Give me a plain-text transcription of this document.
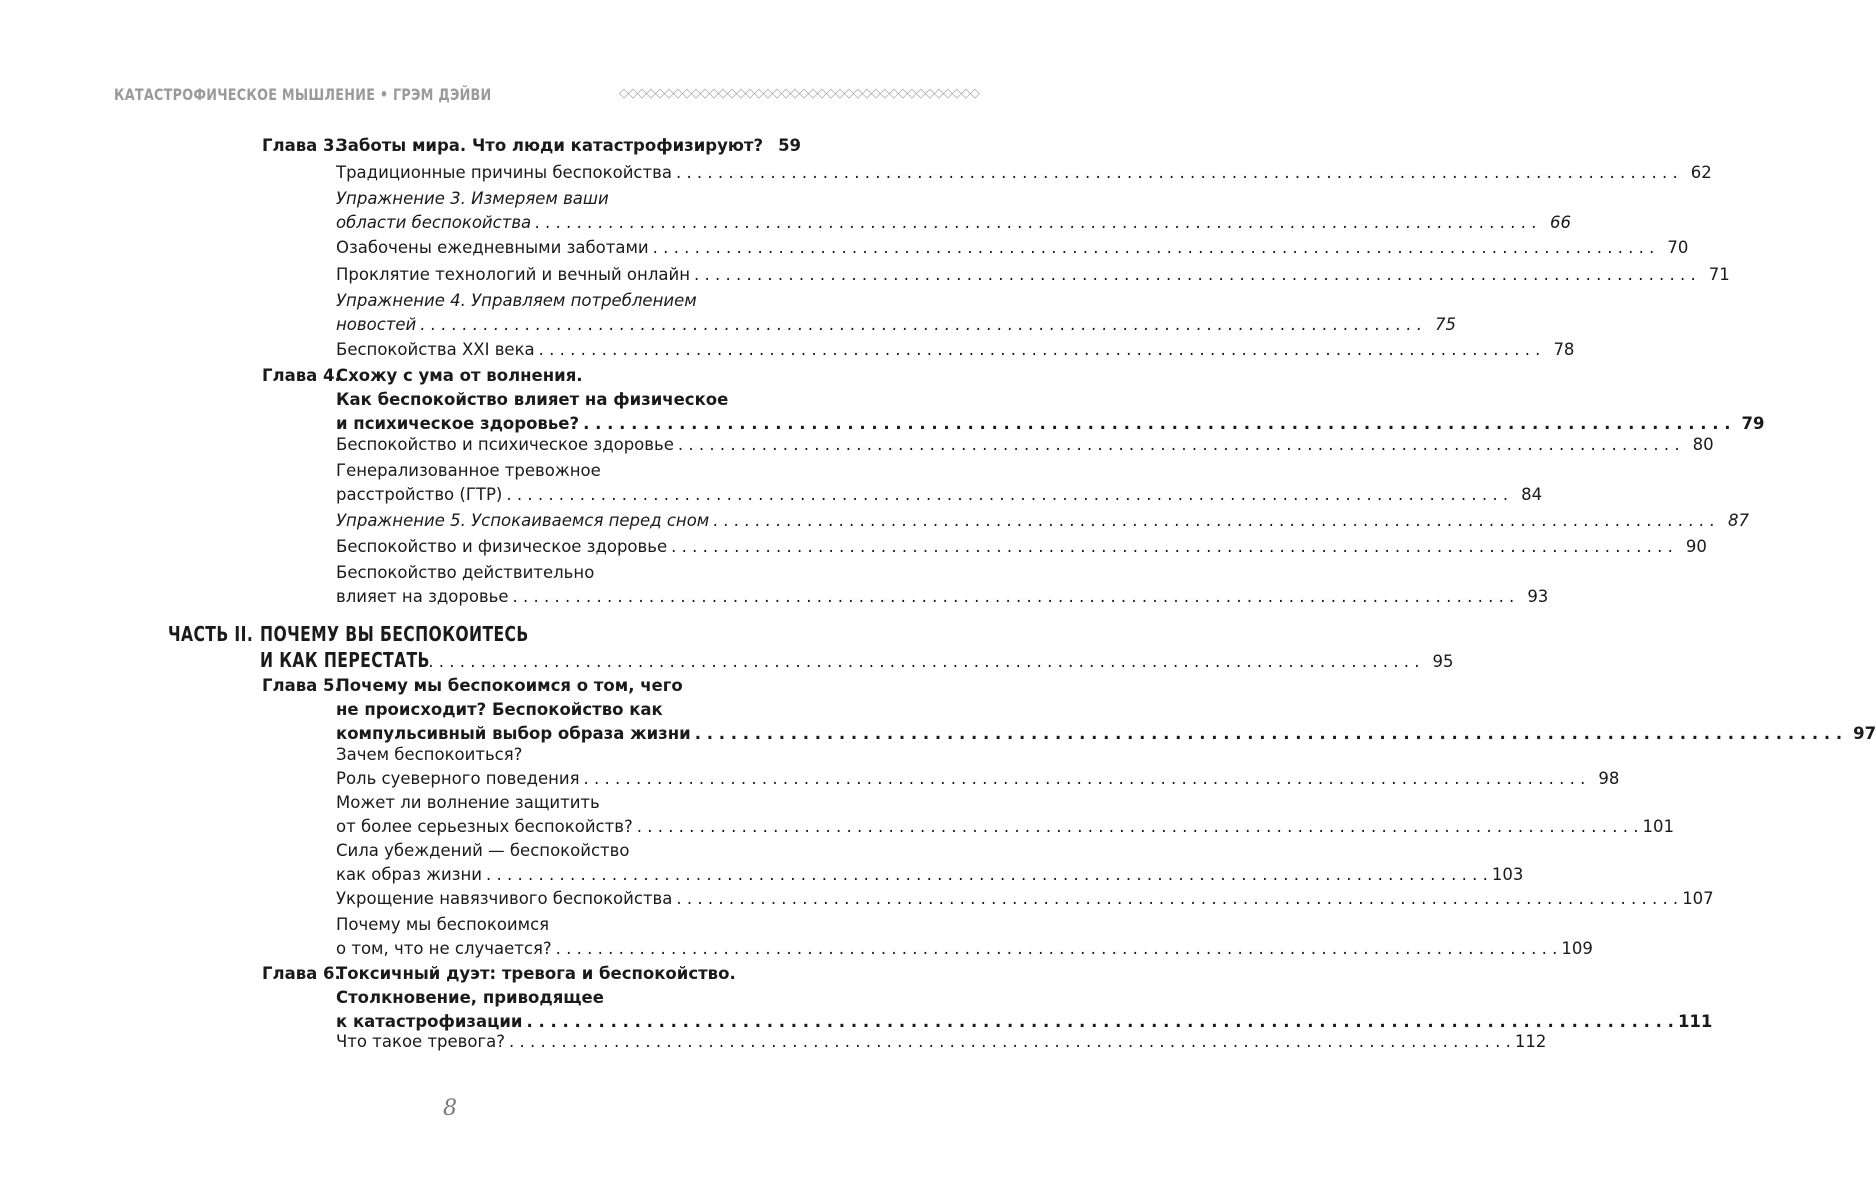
КАТАСТРОФИЧЕСКОЕ МЫШЛЕНИЕ • ГРЭМ ДЭЙВИ	◇◇◇◇◇◇◇◇◇◇◇◇◇◇◇◇◇◇◇◇◇◇◇◇◇◇◇◇◇◇◇◇◇◇◇◇◇◇◇◇
Глава 3.
Заботы мира. Что люди катастрофизируют? 59
Традиционные причины беспокойства . . .	62
Упражнение 3. Измеряем ваши
области беспокойства . . .	66
Озабочены ежедневными заботами . . .	70
Проклятие технологий и вечный онлайн . . .	71
Упражнение 4. Управляем потреблением
новостей . . .	75
Беспокойства XXI века . . .	78
Глава 4.
Схожу с ума от волнения.
Как беспокойство влияет на физическое
и психическое здоровье? . . .	79
Беспокойство и психическое здоровье . . .	80
Генерализованное тревожное
расстройство (ГТР) . . .	84
Упражнение 5. Успокаиваемся перед сном . . .	87
Беспокойство и физическое здоровье . . .	90
Беспокойство действительно
влияет на здоровье . . .	93
ЧАСТЬ II. ПОЧЕМУ ВЫ БЕСПОКОИТЕСЬ
И КАК ПЕРЕСТАТЬ . . .	95
Глава 5.
Почему мы беспокоимся о том, чего
не происходит? Беспокойство как
компульсивный выбор образа жизни . . .	97
Зачем беспокоиться?
Роль суеверного поведения . . .	98
Может ли волнение защитить
от более серьезных беспокойств? . . .	101
Сила убеждений — беспокойство
как образ жизни . . .	103
Укрощение навязчивого беспокойства . . .	107
Почему мы беспокоимся
о том, что не случается? . . .	109
Глава 6.
Токсичный дуэт: тревога и беспокойство.
Столкновение, приводящее
к катастрофизации . . .	111
Что такое тревога? . . .	112
8
